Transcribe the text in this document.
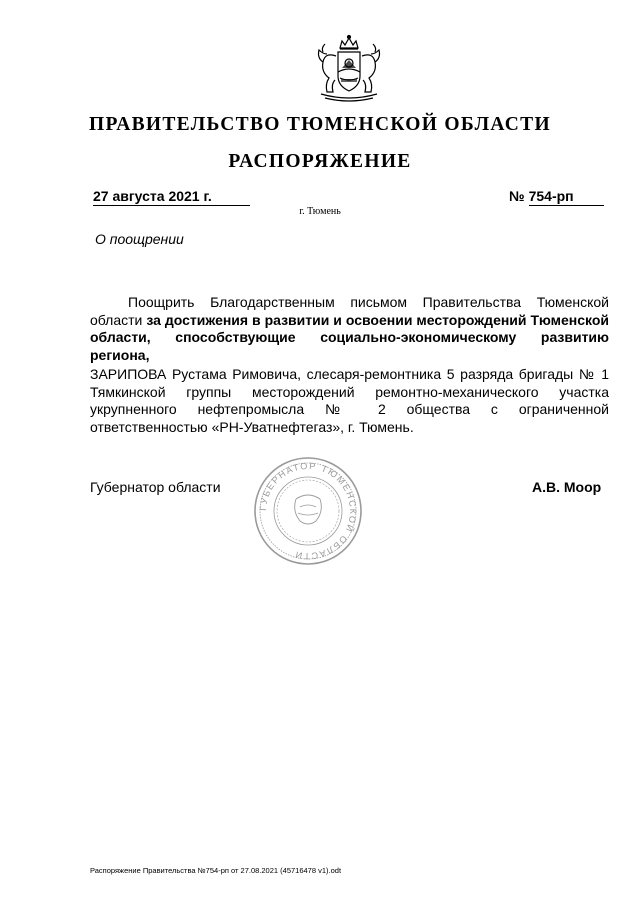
ПРАВИТЕЛЬСТВО ТЮМЕНСКОЙ ОБЛАСТИ
РАСПОРЯЖЕНИЕ
27 августа 2021 г.	№ 754-рп
г. Тюмень
О поощрении
Поощрить Благодарственным письмом Правительства Тюменской области за достижения в развитии и освоении месторождений Тюменской области, способствующие социально-экономическому развитию региона,
ЗАРИПОВА Рустама Римовича, слесаря-ремонтника 5 разряда бригады № 1 Тямкинской группы месторождений ремонтно-механического участка укрупненного нефтепромысла № 2 общества с ограниченной ответственностью «РН-Уватнефтегаз», г. Тюмень.
Губернатор области	А.В. Моор
ГУБЕРНАТОР ТЮМЕНСКОЙ ОБЛАСТИ
Распоряжение Правительства №754-рп от 27.08.2021 (45716478 v1).odt
